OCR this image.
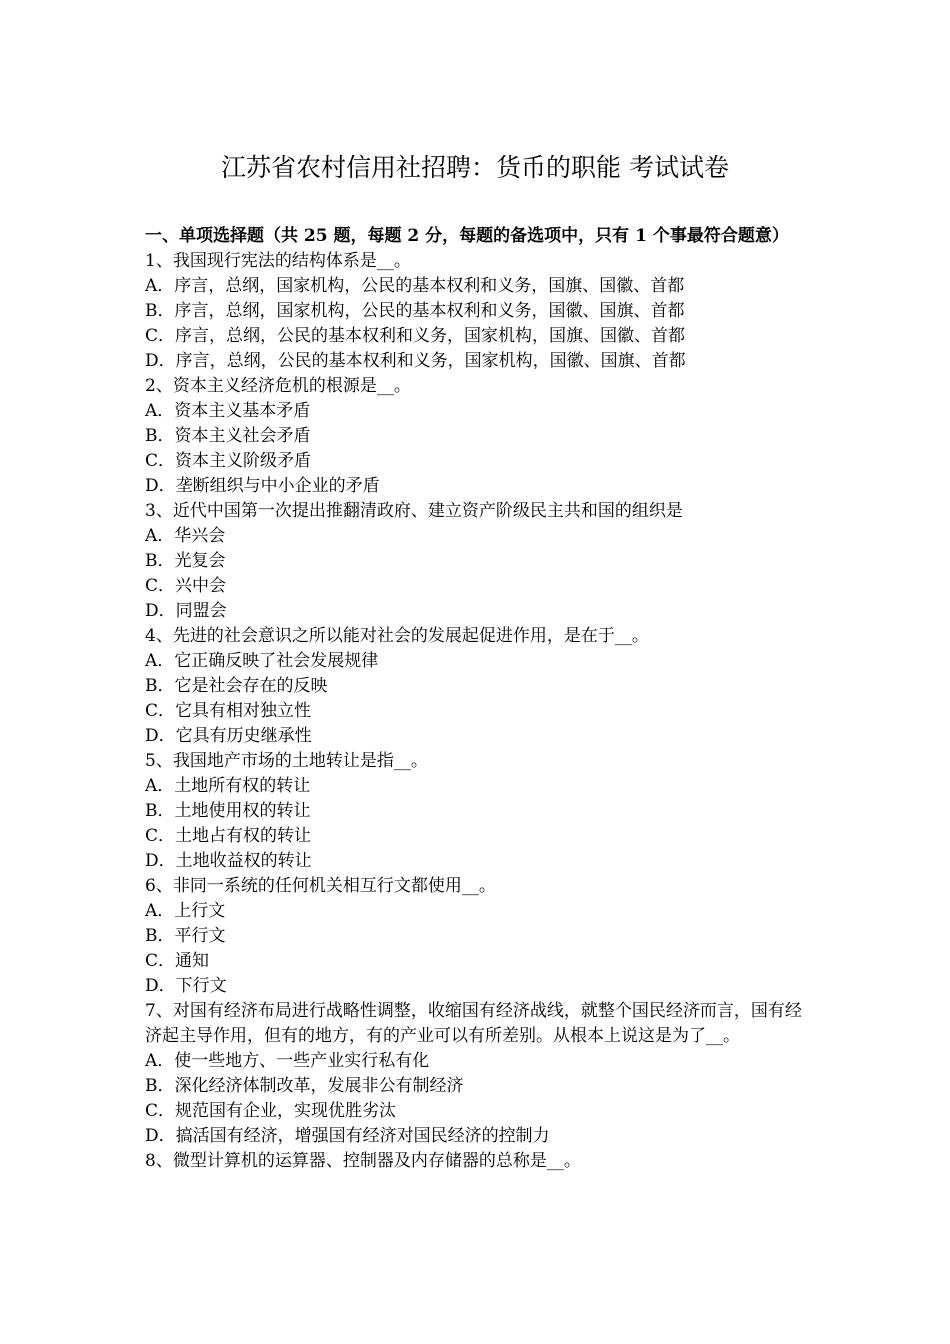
江苏省农村信用社招聘：货币的职能 考试试卷

一、单项选择题（共 25 题，每题 2 分，每题的备选项中，只有 1 个事最符合题意）

1、我国现行宪法的结构体系是__。

A．序言，总纲，国家机构，公民的基本权利和义务，国旗、国徽、首都

B．序言，总纲，国家机构，公民的基本权利和义务，国徽、国旗、首都

C．序言，总纲，公民的基本权利和义务，国家机构，国旗、国徽、首都

D．序言，总纲，公民的基本权利和义务，国家机构，国徽、国旗、首都

2、资本主义经济危机的根源是__。

A．资本主义基本矛盾

B．资本主义社会矛盾

C．资本主义阶级矛盾

D．垄断组织与中小企业的矛盾

3、近代中国第一次提出推翻清政府、建立资产阶级民主共和国的组织是

A．华兴会

B．光复会

C．兴中会

D．同盟会

4、先进的社会意识之所以能对社会的发展起促进作用，是在于__。

A．它正确反映了社会发展规律

B．它是社会存在的反映

C．它具有相对独立性

D．它具有历史继承性

5、我国地产市场的土地转让是指__。

A．土地所有权的转让

B．土地使用权的转让

C．土地占有权的转让

D．土地收益权的转让

6、非同一系统的任何机关相互行文都使用__。

A．上行文

B．平行文

C．通知

D．下行文

7、对国有经济布局进行战略性调整，收缩国有经济战线，就整个国民经济而言，国有经济起主导作用，但有的地方，有的产业可以有所差别。从根本上说这是为了__。

A．使一些地方、一些产业实行私有化

B．深化经济体制改革，发展非公有制经济

C．规范国有企业，实现优胜劣汰

D．搞活国有经济，增强国有经济对国民经济的控制力

8、微型计算机的运算器、控制器及内存储器的总称是__。
